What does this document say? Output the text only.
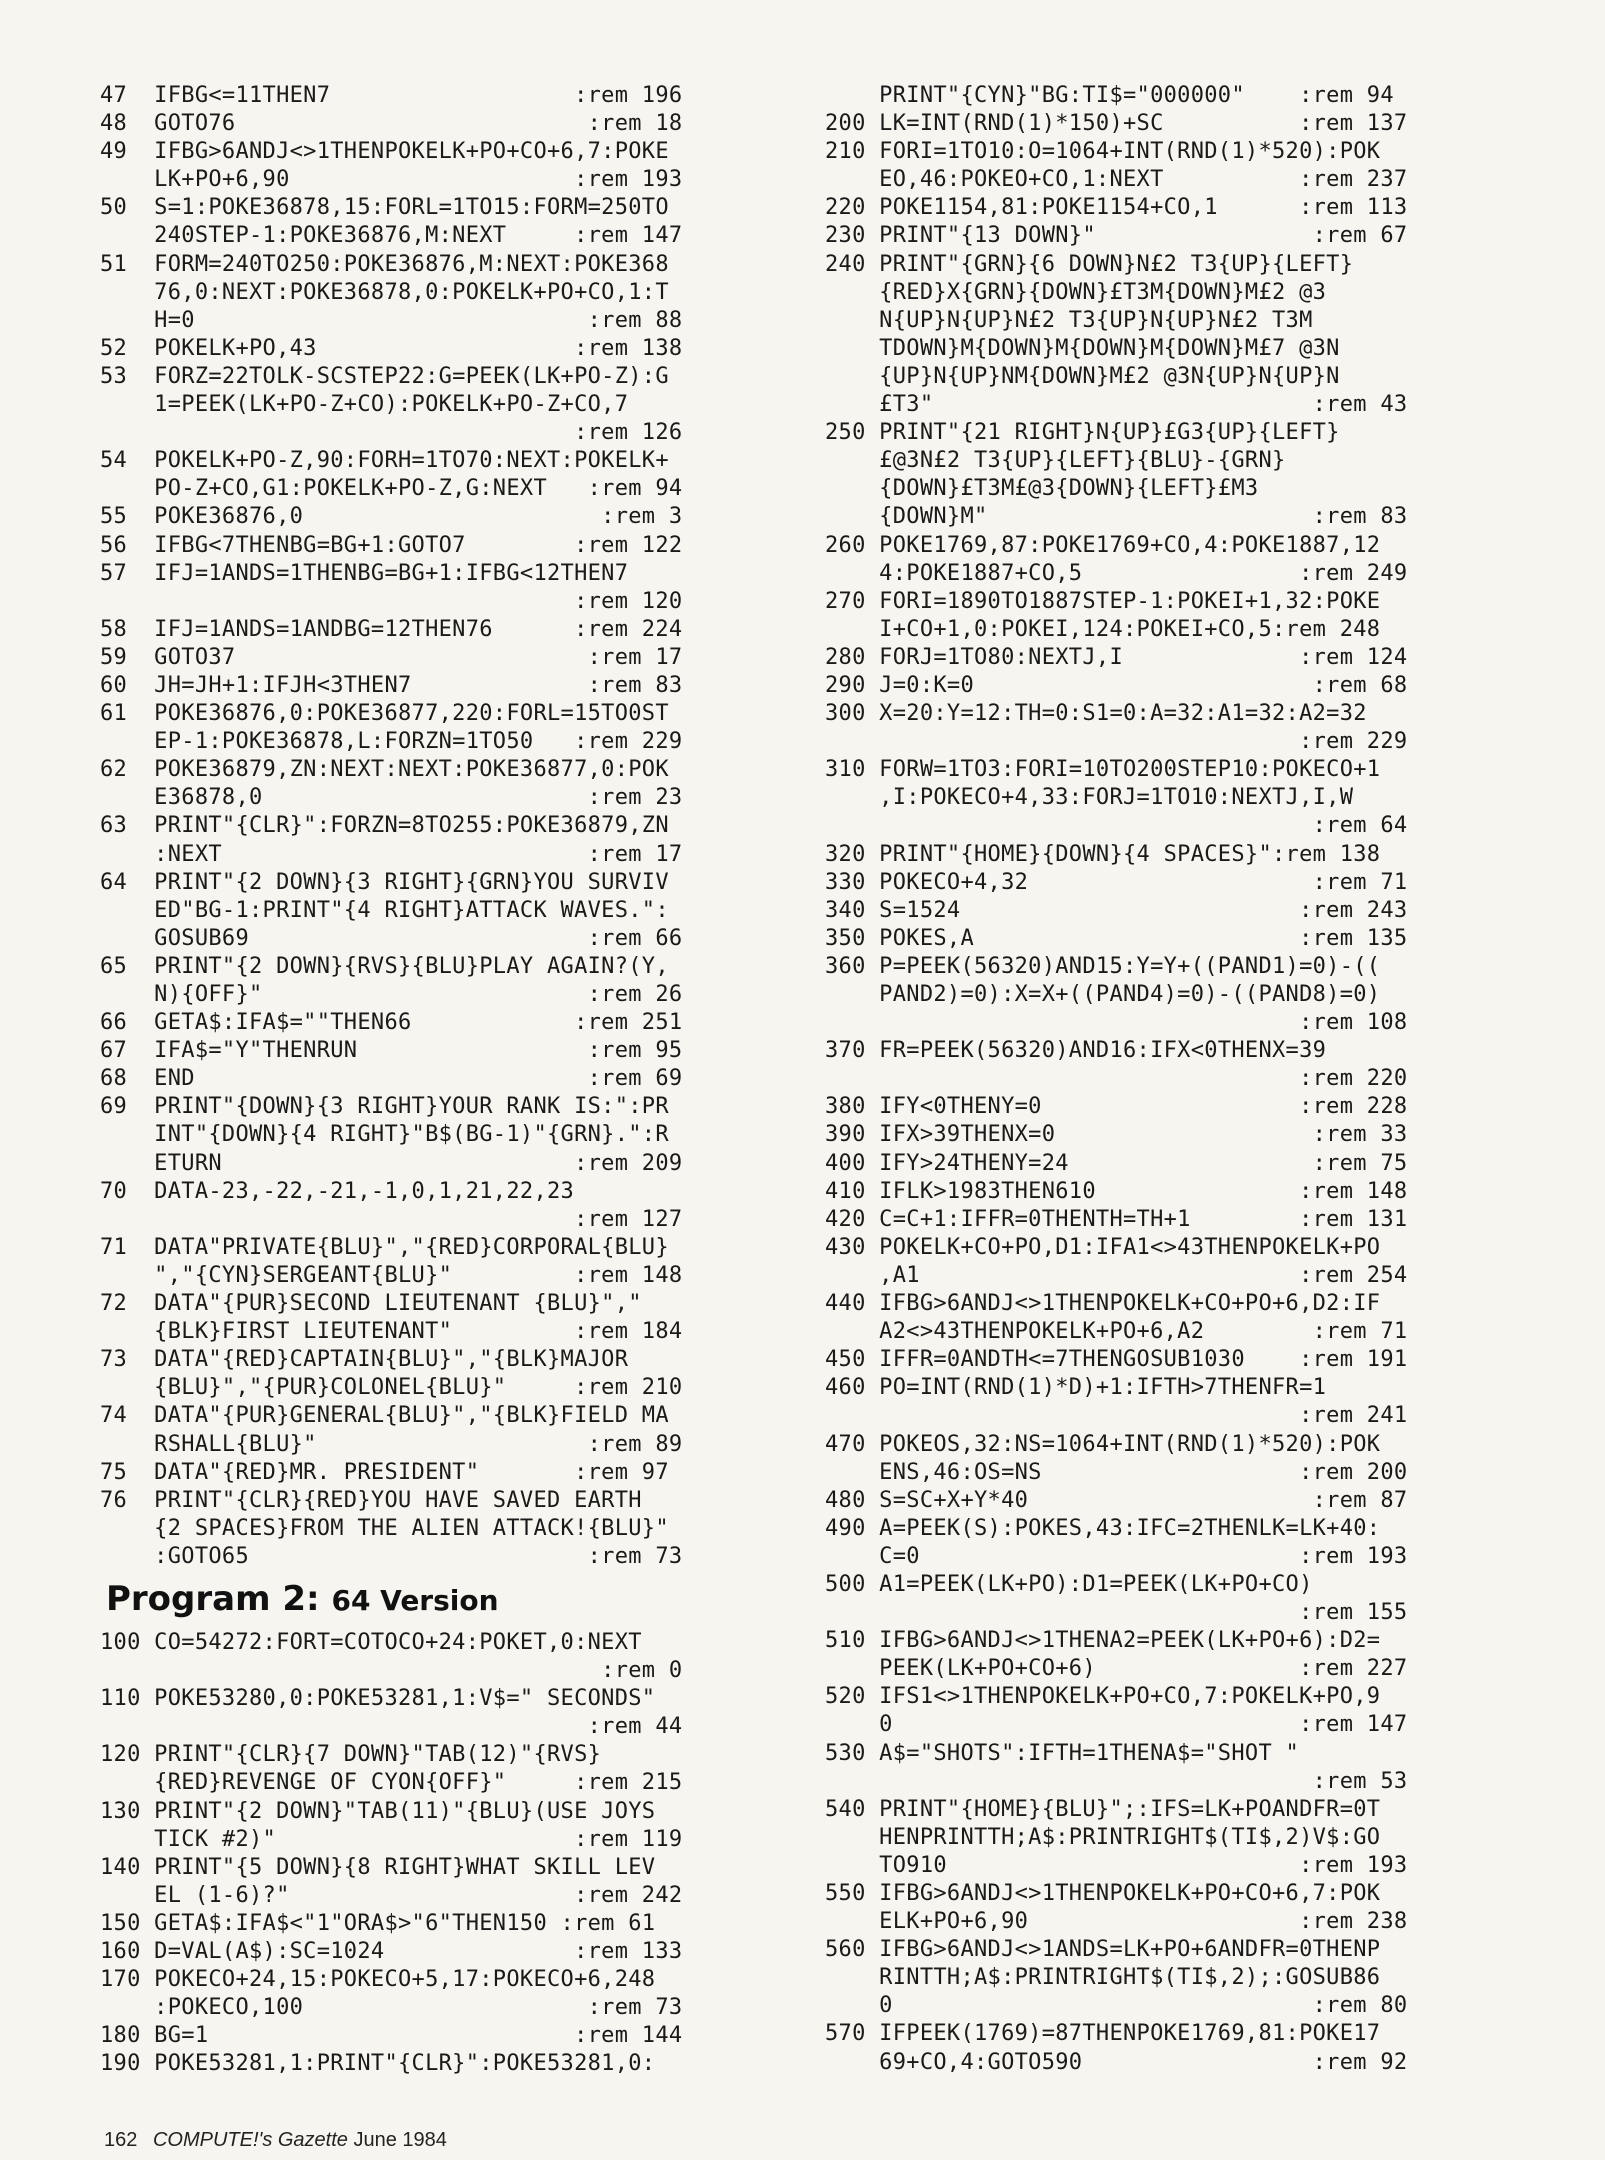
47  IFBG<=11THEN7                  :rem 196
48  GOTO76                          :rem 18
49  IFBG>6ANDJ<>1THENPOKELK+PO+CO+6,7:POKE
LK+PO+6,90                     :rem 193
50  S=1:POKE36878,15:FORL=1TO15:FORM=250TO
240STEP-1:POKE36876,M:NEXT     :rem 147
51  FORM=240TO250:POKE36876,M:NEXT:POKE368
76,0:NEXT:POKE36878,0:POKELK+PO+CO,1:T
H=0                             :rem 88
52  POKELK+PO,43                   :rem 138
53  FORZ=22TOLK-SCSTEP22:G=PEEK(LK+PO-Z):G
1=PEEK(LK+PO-Z+CO):POKELK+PO-Z+CO,7
:rem 126
54  POKELK+PO-Z,90:FORH=1TO70:NEXT:POKELK+
PO-Z+CO,G1:POKELK+PO-Z,G:NEXT   :rem 94
55  POKE36876,0                      :rem 3
56  IFBG<7THENBG=BG+1:GOTO7        :rem 122
57  IFJ=1ANDS=1THENBG=BG+1:IFBG<12THEN7
:rem 120
58  IFJ=1ANDS=1ANDBG=12THEN76      :rem 224
59  GOTO37                          :rem 17
60  JH=JH+1:IFJH<3THEN7             :rem 83
61  POKE36876,0:POKE36877,220:FORL=15TO0ST
EP-1:POKE36878,L:FORZN=1TO50   :rem 229
62  POKE36879,ZN:NEXT:NEXT:POKE36877,0:POK
E36878,0                        :rem 23
63  PRINT"{CLR}":FORZN=8TO255:POKE36879,ZN
:NEXT                           :rem 17
64  PRINT"{2 DOWN}{3 RIGHT}{GRN}YOU SURVIV
ED"BG-1:PRINT"{4 RIGHT}ATTACK WAVES.":
GOSUB69                         :rem 66
65  PRINT"{2 DOWN}{RVS}{BLU}PLAY AGAIN?(Y,
N){OFF}"                        :rem 26
66  GETA$:IFA$=""THEN66            :rem 251
67  IFA$="Y"THENRUN                 :rem 95
68  END                             :rem 69
69  PRINT"{DOWN}{3 RIGHT}YOUR RANK IS:":PR
INT"{DOWN}{4 RIGHT}"B$(BG-1)"{GRN}.":R
ETURN                          :rem 209
70  DATA-23,-22,-21,-1,0,1,21,22,23
:rem 127
71  DATA"PRIVATE{BLU}","{RED}CORPORAL{BLU}
","{CYN}SERGEANT{BLU}"         :rem 148
72  DATA"{PUR}SECOND LIEUTENANT {BLU}","
{BLK}FIRST LIEUTENANT"         :rem 184
73  DATA"{RED}CAPTAIN{BLU}","{BLK}MAJOR
{BLU}","{PUR}COLONEL{BLU}"     :rem 210
74  DATA"{PUR}GENERAL{BLU}","{BLK}FIELD MA
RSHALL{BLU}"                    :rem 89
75  DATA"{RED}MR. PRESIDENT"       :rem 97
76  PRINT"{CLR}{RED}YOU HAVE SAVED EARTH
{2 SPACES}FROM THE ALIEN ATTACK!{BLU}"
:GOTO65                         :rem 73
Program 2: 64 Version
100 CO=54272:FORT=COTOCO+24:POKET,0:NEXT
:rem 0
110 POKE53280,0:POKE53281,1:V$=" SECONDS"
:rem 44
120 PRINT"{CLR}{7 DOWN}"TAB(12)"{RVS}
{RED}REVENGE OF CYON{OFF}"     :rem 215
130 PRINT"{2 DOWN}"TAB(11)"{BLU}(USE JOYS
TICK #2)"                      :rem 119
140 PRINT"{5 DOWN}{8 RIGHT}WHAT SKILL LEV
EL (1-6)?"                     :rem 242
150 GETA$:IFA$<"1"ORA$>"6"THEN150 :rem 61
160 D=VAL(A$):SC=1024              :rem 133
170 POKECO+24,15:POKECO+5,17:POKECO+6,248
:POKECO,100                     :rem 73
180 BG=1                           :rem 144
190 POKE53281,1:PRINT"{CLR}":POKE53281,0:
PRINT"{CYN}"BG:TI$="000000"    :rem 94
200 LK=INT(RND(1)*150)+SC          :rem 137
210 FORI=1TO10:O=1064+INT(RND(1)*520):POK
EO,46:POKEO+CO,1:NEXT          :rem 237
220 POKE1154,81:POKE1154+CO,1      :rem 113
230 PRINT"{13 DOWN}"                :rem 67
240 PRINT"{GRN}{6 DOWN}N£2 T3{UP}{LEFT}
{RED}X{GRN}{DOWN}£T3M{DOWN}M£2 @3
N{UP}N{UP}N£2 T3{UP}N{UP}N£2 T3M
TDOWN}M{DOWN}M{DOWN}M{DOWN}M£7 @3N
{UP}N{UP}NM{DOWN}M£2 @3N{UP}N{UP}N
£T3"                            :rem 43
250 PRINT"{21 RIGHT}N{UP}£G3{UP}{LEFT}
£@3N£2 T3{UP}{LEFT}{BLU}-{GRN}
{DOWN}£T3M£@3{DOWN}{LEFT}£M3
{DOWN}M"                        :rem 83
260 POKE1769,87:POKE1769+CO,4:POKE1887,12
4:POKE1887+CO,5                :rem 249
270 FORI=1890TO1887STEP-1:POKEI+1,32:POKE
I+CO+1,0:POKEI,124:POKEI+CO,5:rem 248
280 FORJ=1TO80:NEXTJ,I             :rem 124
290 J=0:K=0                         :rem 68
300 X=20:Y=12:TH=0:S1=0:A=32:A1=32:A2=32
:rem 229
310 FORW=1TO3:FORI=10TO200STEP10:POKECO+1
,I:POKECO+4,33:FORJ=1TO10:NEXTJ,I,W
:rem 64
320 PRINT"{HOME}{DOWN}{4 SPACES}":rem 138
330 POKECO+4,32                     :rem 71
340 S=1524                         :rem 243
350 POKES,A                        :rem 135
360 P=PEEK(56320)AND15:Y=Y+((PAND1)=0)-((
PAND2)=0):X=X+((PAND4)=0)-((PAND8)=0)
:rem 108
370 FR=PEEK(56320)AND16:IFX<0THENX=39
:rem 220
380 IFY<0THENY=0                   :rem 228
390 IFX>39THENX=0                   :rem 33
400 IFY>24THENY=24                  :rem 75
410 IFLK>1983THEN610               :rem 148
420 C=C+1:IFFR=0THENTH=TH+1        :rem 131
430 POKELK+CO+PO,D1:IFA1<>43THENPOKELK+PO
,A1                            :rem 254
440 IFBG>6ANDJ<>1THENPOKELK+CO+PO+6,D2:IF
A2<>43THENPOKELK+PO+6,A2        :rem 71
450 IFFR=0ANDTH<=7THENGOSUB1030    :rem 191
460 PO=INT(RND(1)*D)+1:IFTH>7THENFR=1
:rem 241
470 POKEOS,32:NS=1064+INT(RND(1)*520):POK
ENS,46:OS=NS                   :rem 200
480 S=SC+X+Y*40                     :rem 87
490 A=PEEK(S):POKES,43:IFC=2THENLK=LK+40:
C=0                            :rem 193
500 A1=PEEK(LK+PO):D1=PEEK(LK+PO+CO)
:rem 155
510 IFBG>6ANDJ<>1THENA2=PEEK(LK+PO+6):D2=
PEEK(LK+PO+CO+6)               :rem 227
520 IFS1<>1THENPOKELK+PO+CO,7:POKELK+PO,9
0                              :rem 147
530 A$="SHOTS":IFTH=1THENA$="SHOT "
:rem 53
540 PRINT"{HOME}{BLU}";:IFS=LK+POANDFR=0T
HENPRINTTH;A$:PRINTRIGHT$(TI$,2)V$:GO
TO910                          :rem 193
550 IFBG>6ANDJ<>1THENPOKELK+PO+CO+6,7:POK
ELK+PO+6,90                    :rem 238
560 IFBG>6ANDJ<>1ANDS=LK+PO+6ANDFR=0THENP
RINTTH;A$:PRINTRIGHT$(TI$,2);:GOSUB86
0                               :rem 80
570 IFPEEK(1769)=87THENPOKE1769,81:POKE17
69+CO,4:GOTO590                 :rem 92
162 COMPUTE!'s Gazette June 1984
